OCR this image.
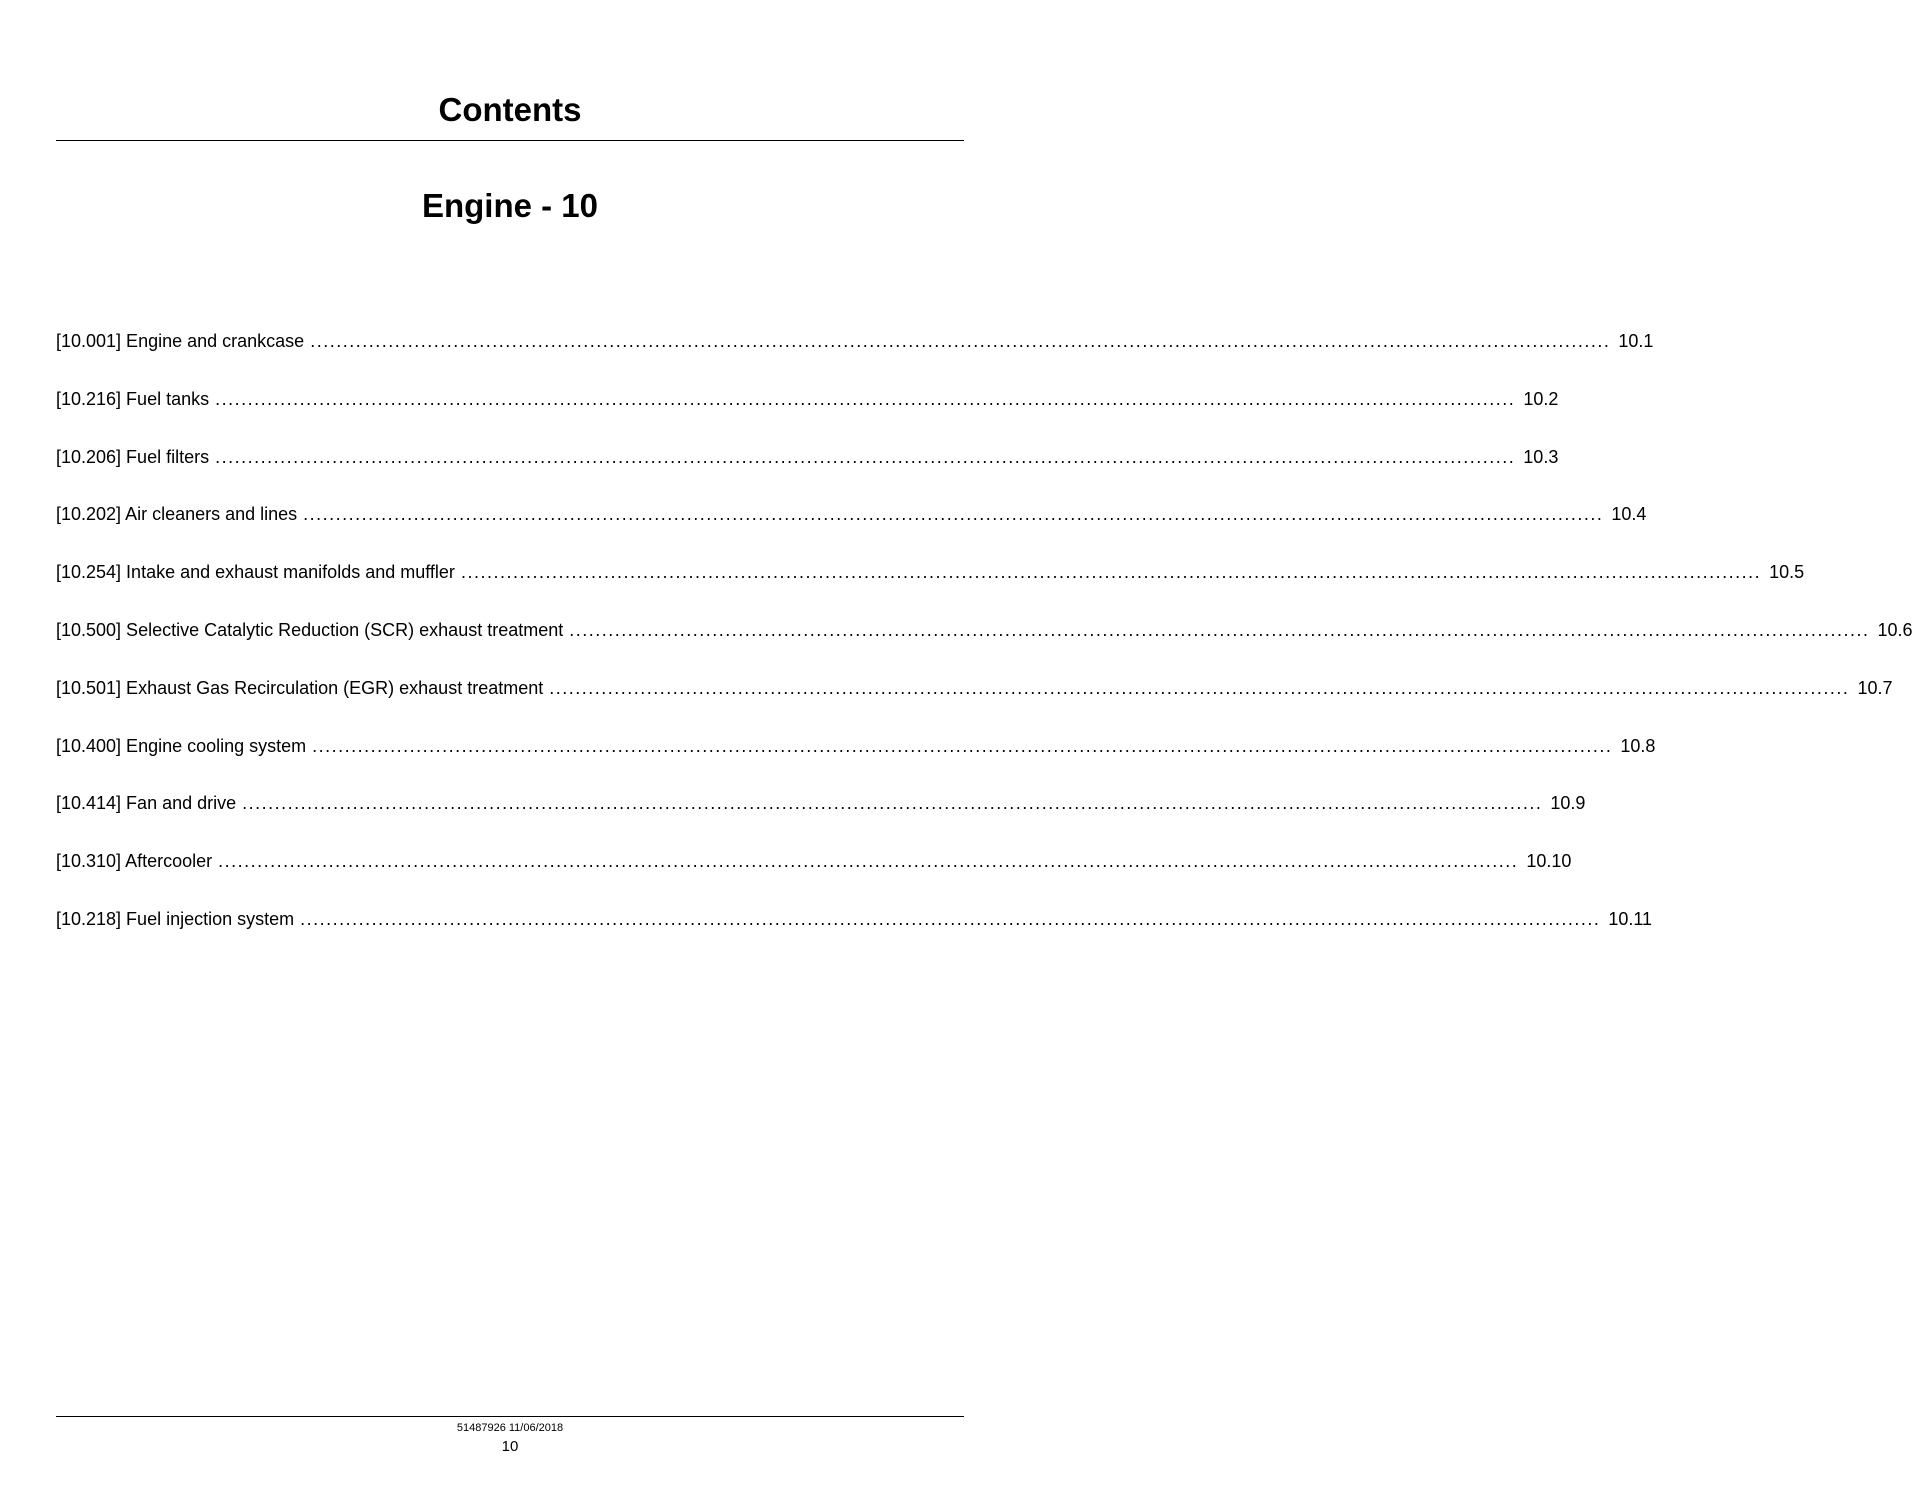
Contents
Engine - 10
[10.001] Engine and crankcase ........................................................................................................................................................................................................ 10.1
[10.216] Fuel tanks ........................................................................................................................................................................................................ 10.2
[10.206] Fuel filters ........................................................................................................................................................................................................ 10.3
[10.202] Air cleaners and lines ........................................................................................................................................................................................................ 10.4
[10.254] Intake and exhaust manifolds and muffler ........................................................................................................................................................................................................ 10.5
[10.500] Selective Catalytic Reduction (SCR) exhaust treatment ........................................................................................................................................................................................................ 10.6
[10.501] Exhaust Gas Recirculation (EGR) exhaust treatment ........................................................................................................................................................................................................ 10.7
[10.400] Engine cooling system ........................................................................................................................................................................................................ 10.8
[10.414] Fan and drive ........................................................................................................................................................................................................ 10.9
[10.310] Aftercooler ........................................................................................................................................................................................................ 10.10
[10.218] Fuel injection system ........................................................................................................................................................................................................ 10.11
51487926 11/06/2018
10
